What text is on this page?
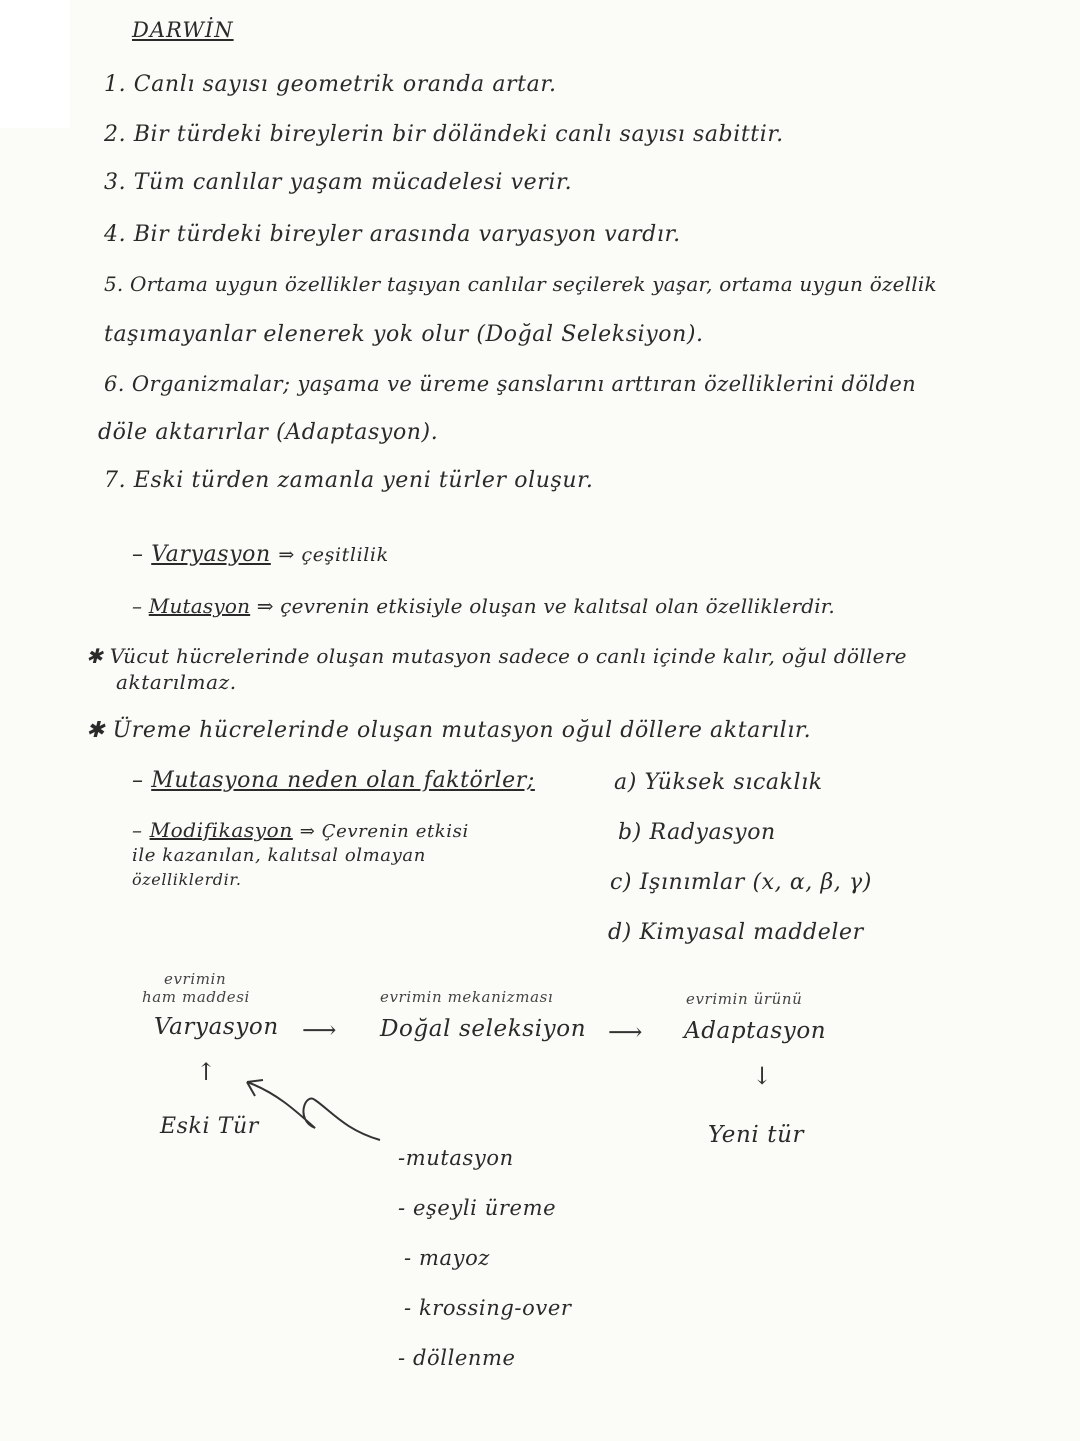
DARWİN
1. Canlı sayısı geometrik oranda artar.
2. Bir türdeki bireylerin bir döländeki canlı sayısı sabittir.
3. Tüm canlılar yaşam mücadelesi verir.
4. Bir türdeki bireyler arasında varyasyon vardır.
5. Ortama uygun özellikler taşıyan canlılar seçilerek yaşar, ortama uygun özellik
taşımayanlar elenerek yok olur (Doğal Seleksiyon).
6. Organizmalar; yaşama ve üreme şanslarını arttıran özelliklerini dölden
döle aktarırlar (Adaptasyon).
7. Eski türden zamanla yeni türler oluşur.
– Varyasyon ⇒ çeşitlilik
– Mutasyon ⇒ çevrenin etkisiyle oluşan ve kalıtsal olan özelliklerdir.
✱ Vücut hücrelerinde oluşan mutasyon sadece o canlı içinde kalır, oğul döllere
aktarılmaz.
✱ Üreme hücrelerinde oluşan mutasyon oğul döllere aktarılır.
– Mutasyona neden olan faktörler;	a) Yüksek sıcaklık
b) Radyasyon
c) Işınımlar (x, α, β, γ)
d) Kimyasal maddeler
– Modifikasyon ⇒ Çevrenin etkisi
ile kazanılan, kalıtsal olmayan
özelliklerdir.
evrimin
ham maddesi	evrimin mekanizması	evrimin ürünü
Varyasyon ⟶ Doğal seleksiyon ⟶ Adaptasyon
↑	↓
Eski Tür	Yeni tür
-mutasyon
- eşeyli üreme
- mayoz
- krossing-over
- döllenme
